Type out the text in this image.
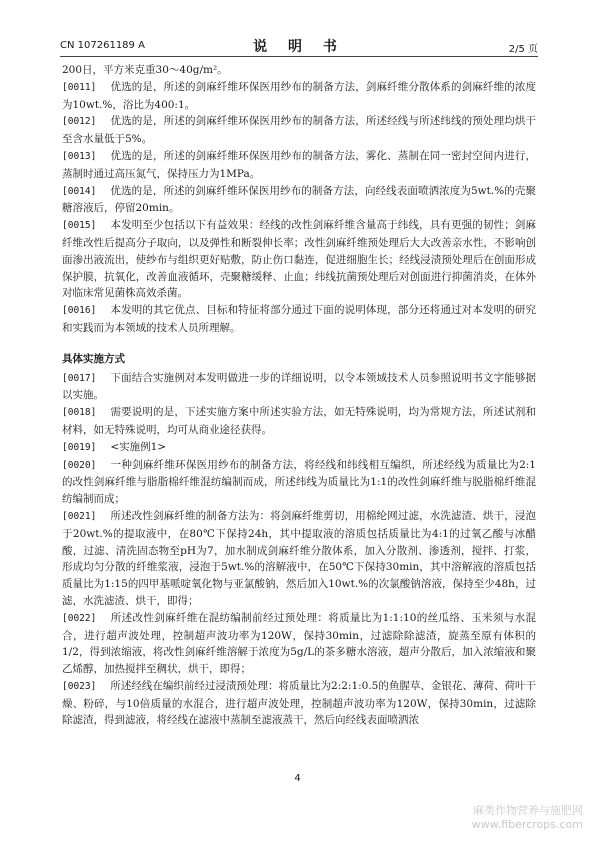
CN 107261189 A	说 明 书	2/5 页

200日，平方米克重30～40g/m²。

[0011] 优选的是，所述的剑麻纤维环保医用纱布的制备方法，剑麻纤维分散体系的剑麻纤维的浓度为10wt.%，浴比为400:1。

[0012] 优选的是，所述的剑麻纤维环保医用纱布的制备方法，所述经线与所述纬线的预处理均烘干至含水量低于5%。

[0013] 优选的是，所述的剑麻纤维环保医用纱布的制备方法，雾化、蒸制在同一密封空间内进行，蒸制时通过高压氮气，保持压力为1MPa。

[0014] 优选的是，所述的剑麻纤维环保医用纱布的制备方法，向经线表面喷洒浓度为5wt.%的壳聚糖溶液后，停留20min。

[0015] 本发明至少包括以下有益效果：经线的改性剑麻纤维含量高于纬线，具有更强的韧性；剑麻纤维改性后提高分子取向，以及弹性和断裂伸长率；改性剑麻纤维预处理后大大改善亲水性，不影响创面渗出液流出，使纱布与组织更好贴敷，防止伤口黏连，促进细胞生长；经线浸渍预处理后在创面形成保护膜，抗氧化，改善血液循环，壳聚糖缓释、止血；纬线抗菌预处理后对创面进行抑菌消炎，在体外对临床常见菌株高效杀菌。

[0016] 本发明的其它优点、目标和特征将部分通过下面的说明体现，部分还将通过对本发明的研究和实践而为本领域的技术人员所理解。

具体实施方式

[0017] 下面结合实施例对本发明做进一步的详细说明，以令本领域技术人员参照说明书文字能够据以实施。

[0018] 需要说明的是，下述实施方案中所述实验方法，如无特殊说明，均为常规方法，所述试剂和材料，如无特殊说明，均可从商业途径获得。

[0019] <实施例1>

[0020] 一种剑麻纤维环保医用纱布的制备方法，将经线和纬线相互编织，所述经线为质量比为2:1的改性剑麻纤维与脂脂棉纤维混纺编制而成，所述纬线为质量比为1:1的改性剑麻纤维与脱脂棉纤维混纺编制而成；

[0021] 所述改性剑麻纤维的制备方法为：将剑麻纤维剪切，用棉纶网过滤，水洗滤渣、烘干，浸泡于20wt.%的提取液中，在80℃下保持24h，其中提取液的溶质包括质量比为4:1的过氧乙酸与冰醋酸，过滤、清洗固态物至pH为7，加水制成剑麻纤维分散体系，加入分散剂、渗透剂，搅拌、打浆，形成均匀分散的纤维浆液，浸泡于5wt.%的溶解液中，在50℃下保持30min，其中溶解液的溶质包括质量比为1:15的四甲基哌啶氧化物与亚氯酸钠，然后加入10wt.%的次氯酸钠溶液，保持至少48h，过滤，水洗滤渣、烘干，即得；

[0022] 所述改性剑麻纤维在混纺编制前经过预处理：将质量比为1:1:10的丝瓜络、玉米须与水混合，进行超声波处理，控制超声波功率为120W，保持30min，过滤除除滤渣，旋蒸至原有体积的1/2，得到浓缩液，将改性剑麻纤维溶解于浓度为5g/L的茶多糖水溶液，超声分散后，加入浓缩液和聚乙烯醇，加热搅拌至稠状，烘干，即得；

[0023] 所述经线在编织前经过浸渍预处理：将质量比为2:2:1:0.5的鱼腥草、金银花、薄荷、荷叶干燥、粉碎，与10倍质量的水混合，进行超声波处理，控制超声波功率为120W，保持30min，过滤除除滤渣，得到滤液，将经线在滤液中蒸制至滤液蒸干，然后向经线表面喷洒浓

4
麻类作物营养与施肥网
www.fibercrops.com
